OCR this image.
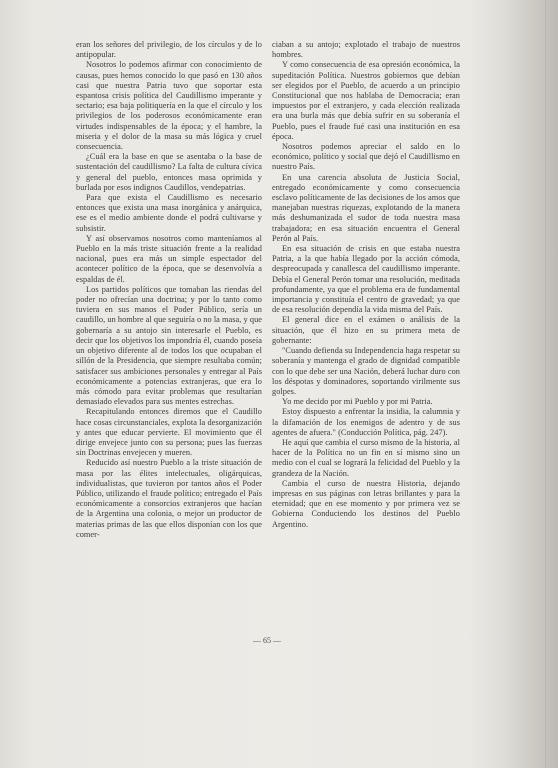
eran los señores del privilegio, de los círculos y de lo antipopular.

Nosotros lo podemos afirmar con conocimiento de causas, pues hemos conocido lo que pasó en 130 años casi que nuestra Patria tuvo que soportar esta espantosa crisis política del Caudillismo imperante y sectario; esa baja politiquería en la que el círculo y los privilegios de los poderosos económicamente eran virtudes indispensables de la época; y el hambre, la miseria y el dolor de la masa su más lógica y cruel consecuencia.

¿Cuál era la base en que se asentaba o la base de sustentación del caudillismo? La falta de cultura cívica y general del pueblo, entonces masa oprimida y burlada por esos indignos Caudillos, vendepatrias.

Para que exista el Caudillismo es necesario entonces que exista una masa inorgánica y anárquica, ese es el medio ambiente donde el podrá cultivarse y subsistir.

Y así observamos nosotros como manteníamos al Pueblo en la más triste situación frente a la realidad nacional, pues era más un simple espectador del acontecer político de la época, que se desenvolvía a espaldas de él.

Los partidos políticos que tomaban las riendas del poder no ofrecían una doctrina; y por lo tanto como tuviera en sus manos el Poder Público, sería un caudillo, un hombre al que seguiría o no la masa, y que gobernaría a su antojo sin interesarle el Pueblo, es decir que los objetivos los impondría él, cuando poseía un objetivo diferente al de todos los que ocupaban el sillón de la Presidencia, que siempre resultaba común; satisfacer sus ambiciones personales y entregar al País económicamente a potencias extranjeras, que era lo más cómodo para evitar problemas que resultarían demasiado elevados para sus mentes estrechas.

Recapitulando entonces diremos que el Caudillo hace cosas circunstanciales, explota la desorganización y antes que educar pervierte. El movimiento que él dirige envejece junto con su persona; pues las fuerzas sin Doctrinas envejecen y mueren.

Reducido así nuestro Pueblo a la triste situación de masa por las élites intelectuales, oligárquicas, individualistas, que tuvieron por tantos años el Poder Público, utilizando el fraude político; entregado el País económicamente a consorcios extranjeros que hacían de la Argentina una colonia, o mejor un productor de materias primas de las que ellos disponían con los que comer-

ciaban a su antojo; explotado el trabajo de nuestros hombres.

Y como consecuencia de esa opresión económica, la supeditación Política. Nuestros gobiernos que debían ser elegidos por el Pueblo, de acuerdo a un principio Constitucional que nos hablaba de Democracia; eran impuestos por el extranjero, y cada elección realizada era una burla más que debía sufrir en su soberanía el Pueblo, pues el fraude fué casi una institución en esa época.

Nosotros podemos apreciar el saldo en lo económico, político y social que dejó el Caudillismo en nuestro País.

En una carencia absoluta de Justicia Social, entregado económicamente y como consecuencia esclavo políticamente de las decisiones de los amos que manejaban nuestras riquezas, explotando de la manera más deshumanizada el sudor de toda nuestra masa trabajadora; en esa situación encuentra el General Perón al País.

En esa situación de crisis en que estaba nuestra Patria, a la que había llegado por la acción cómoda, despreocupada y canallesca del caudillismo imperante. Debía el General Perón tomar una resolución, meditada profundamente, ya que el problema era de fundamental importancia y constituía el centro de gravedad; ya que de esa resolución dependía la vida misma del País.

El general dice en el exámen o análisis de la situación, que él hizo en su primera meta de gobernante:

"Cuando defienda su Independencia haga respetar su soberanía y mantenga el grado de dignidad compatible con lo que debe ser una Nación, deberá luchar duro con los déspotas y dominadores, soportando virilmente sus golpes.

Yo me decido por mi Pueblo y por mi Patria.

Estoy dispuesto a enfrentar la insidia, la calumnia y la difamación de los enemigos de adentro y de sus agentes de afuera." (Conducción Política, pág. 247).

He aquí que cambia el curso mismo de la historia, al hacer de la Política no un fin en sí mismo sino un medio con el cual se logrará la felicidad del Pueblo y la grandeza de la Nación.

Cambia el curso de nuestra Historia, dejando impresas en sus páginas con letras brillantes y para la eternidad; que en ese momento y por primera vez se Gobierna Conduciendo los destinos del Pueblo Argentino.

— 65 —
